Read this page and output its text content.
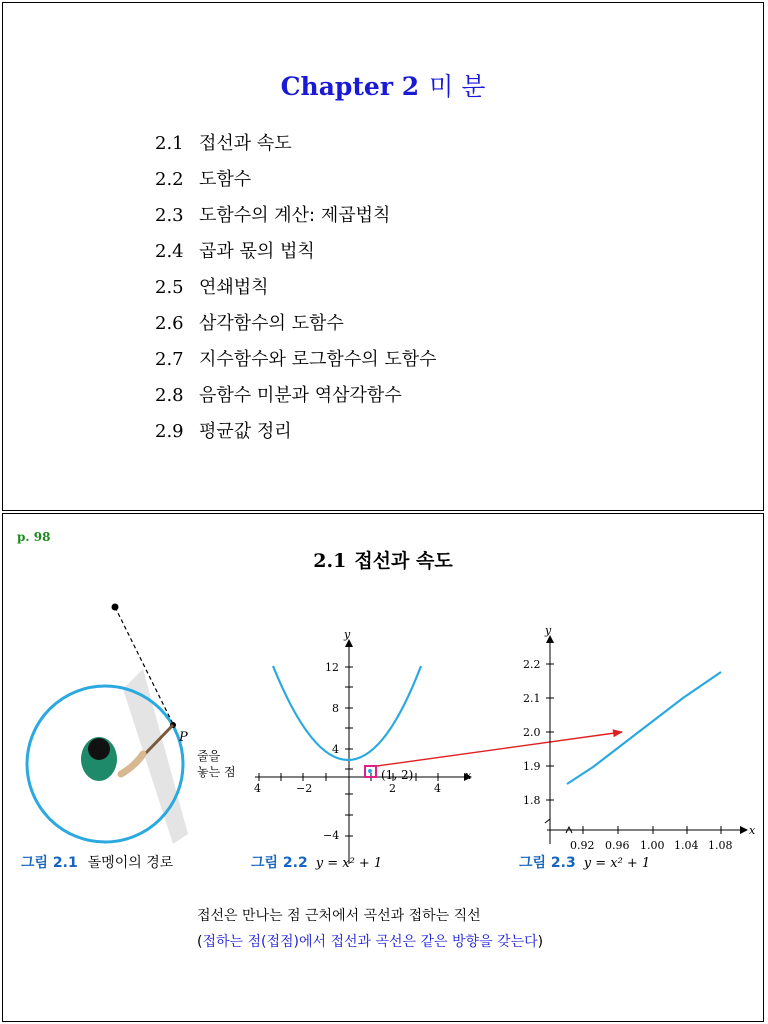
Chapter 2 미 분
2.1 접선과 속도
2.2 도함수
2.3 도함수의 계산: 제곱법칙
2.4 곱과 몫의 법칙
2.5 연쇄법칙
2.6 삼각함수의 도함수
2.7 지수함수와 로그함수의 도함수
2.8 음함수 미분과 역삼각함수
2.9 평균값 정리
p. 98
2.1 접선과 속도
P
줄을
놓는 점
y
x
12
8
4
−4
4	−2	2	4
(1, 2)
y
x
2.2
2.1
2.0
1.9
1.8
0.92 0.96 1.00 1.04 1.08
그림 2.1 돌멩이의 경로	그림 2.2 y = x² + 1	그림 2.3 y = x² + 1
접선은 만나는 점 근처에서 곡선과 접하는 직선
(접하는 점(접점)에서 접선과 곡선은 같은 방향을 갖는다)
